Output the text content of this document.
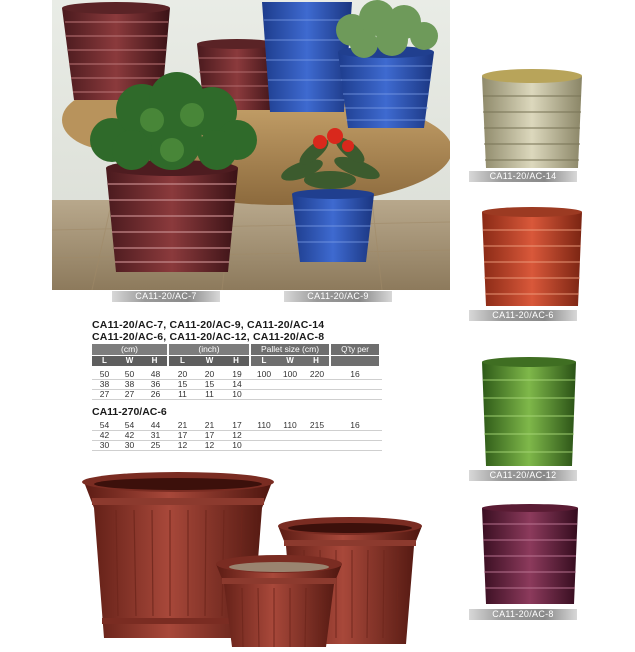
CA11-20/AC-7	CA11-20/AC-9
CA11-20/AC-14
CA11-20/AC-6
CA11-20/AC-12
CA11-20/AC-8
CA11-20/AC-7, CA11-20/AC-9, CA11-20/AC-14
CA11-20/AC-6, CA11-20/AC-12, CA11-20/AC-8
(cm)	(inch)	Pallet size (cm)	Q'ty per
L	W	H	L	W	H	L	W	H
50	50	48	20	20	19	100	100	220	16
38	38	36	15	15	14
27	27	26	11	11	10
CA11-270/AC-6
54	54	44	21	21	17	110	110	215	16
42	42	31	17	17	12
30	30	25	12	12	10
